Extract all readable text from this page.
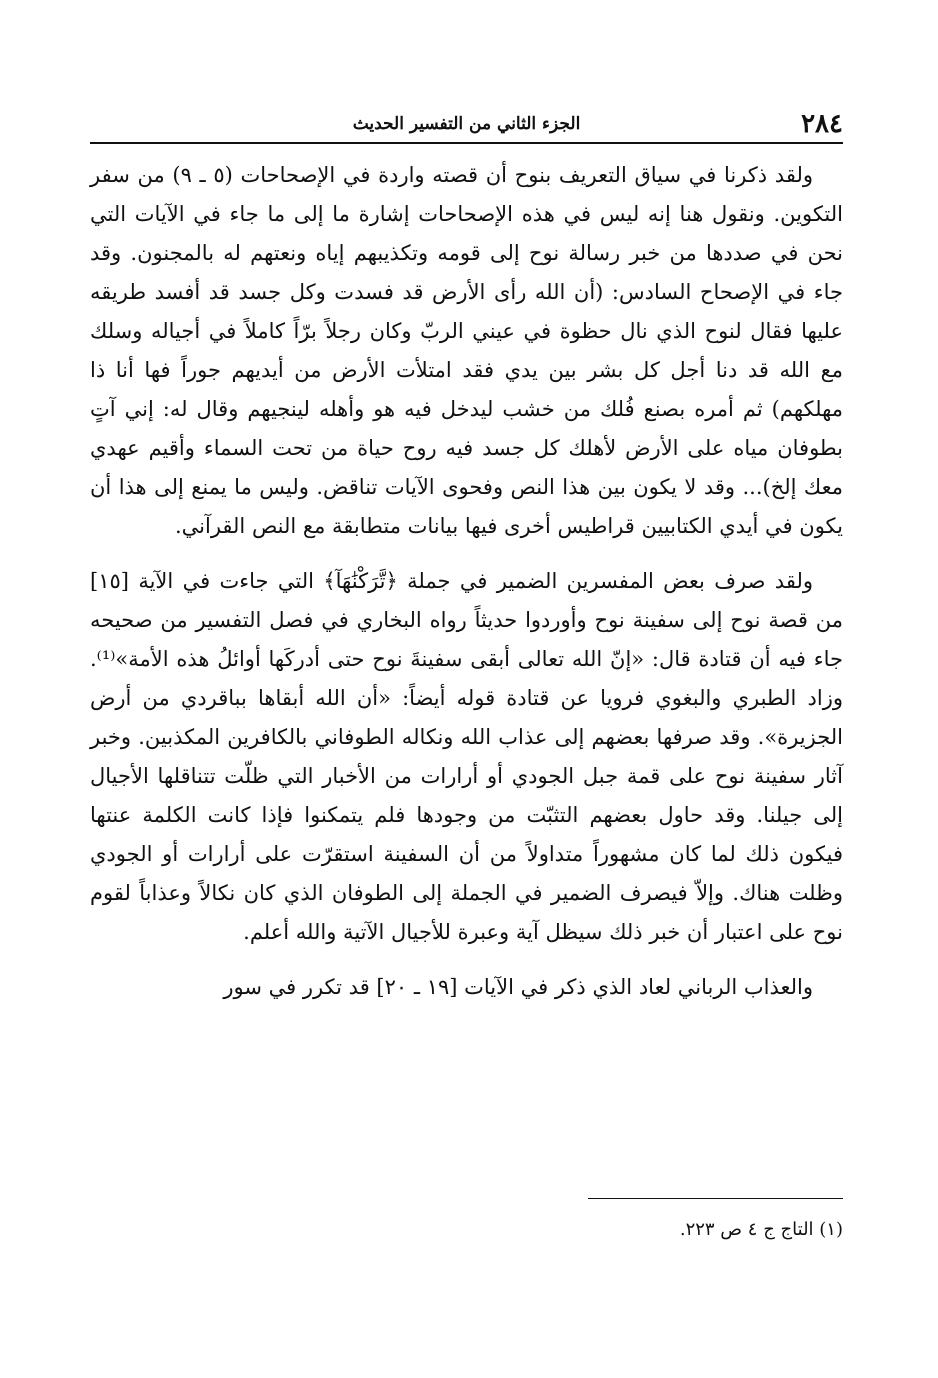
٢٨٤
الجزء الثاني من التفسير الحديث

ولقد ذكرنا في سياق التعريف بنوح أن قصته واردة في الإصحاحات (٥ ـ ٩) من سفر التكوين. ونقول هنا إنه ليس في هذه الإصحاحات إشارة ما إلى ما جاء في الآيات التي نحن في صددها من خبر رسالة نوح إلى قومه وتكذيبهم إياه ونعتهم له بالمجنون. وقد جاء في الإصحاح السادس: (أن الله رأى الأرض قد فسدت وكل جسد قد أفسد طريقه عليها فقال لنوح الذي نال حظوة في عيني الربّ وكان رجلاً برّاً كاملاً في أجياله وسلك مع الله قد دنا أجل كل بشر بين يدي فقد امتلأت الأرض من أيديهم جوراً فها أنا ذا مهلكهم) ثم أمره بصنع فُلك من خشب ليدخل فيه هو وأهله لينجيهم وقال له: إني آتٍ بطوفان مياه على الأرض لأهلك كل جسد فيه روح حياة من تحت السماء وأقيم عهدي معك إلخ)... وقد لا يكون بين هذا النص وفحوى الآيات تناقض. وليس ما يمنع إلى هذا أن يكون في أيدي الكتابيين قراطيس أخرى فيها بيانات متطابقة مع النص القرآني.

ولقد صرف بعض المفسرين الضمير في جملة ﴿تَّرَكْنَٰهَآ﴾ التي جاءت في الآية [١٥] من قصة نوح إلى سفينة نوح وأوردوا حديثاً رواه البخاري في فصل التفسير من صحيحه جاء فيه أن قتادة قال: «إنّ الله تعالى أبقى سفينةَ نوح حتى أدركَها أوائلُ هذه الأمة»⁽¹⁾. وزاد الطبري والبغوي فرويا عن قتادة قوله أيضاً: «أن الله أبقاها بباقردي من أرض الجزيرة». وقد صرفها بعضهم إلى عذاب الله ونكاله الطوفاني بالكافرين المكذبين. وخبر آثار سفينة نوح على قمة جبل الجودي أو أرارات من الأخبار التي ظلّت تتناقلها الأجيال إلى جيلنا. وقد حاول بعضهم التثبّت من وجودها فلم يتمكنوا فإذا كانت الكلمة عنتها فيكون ذلك لما كان مشهوراً متداولاً من أن السفينة استقرّت على أرارات أو الجودي وظلت هناك. وإلاّ فيصرف الضمير في الجملة إلى الطوفان الذي كان نكالاً وعذاباً لقوم نوح على اعتبار أن خبر ذلك سيظل آية وعبرة للأجيال الآتية والله أعلم.

والعذاب الرباني لعاد الذي ذكر في الآيات [١٩ ـ ٢٠] قد تكرر في سور

(١) التاج ج ٤ ص ٢٢٣.
